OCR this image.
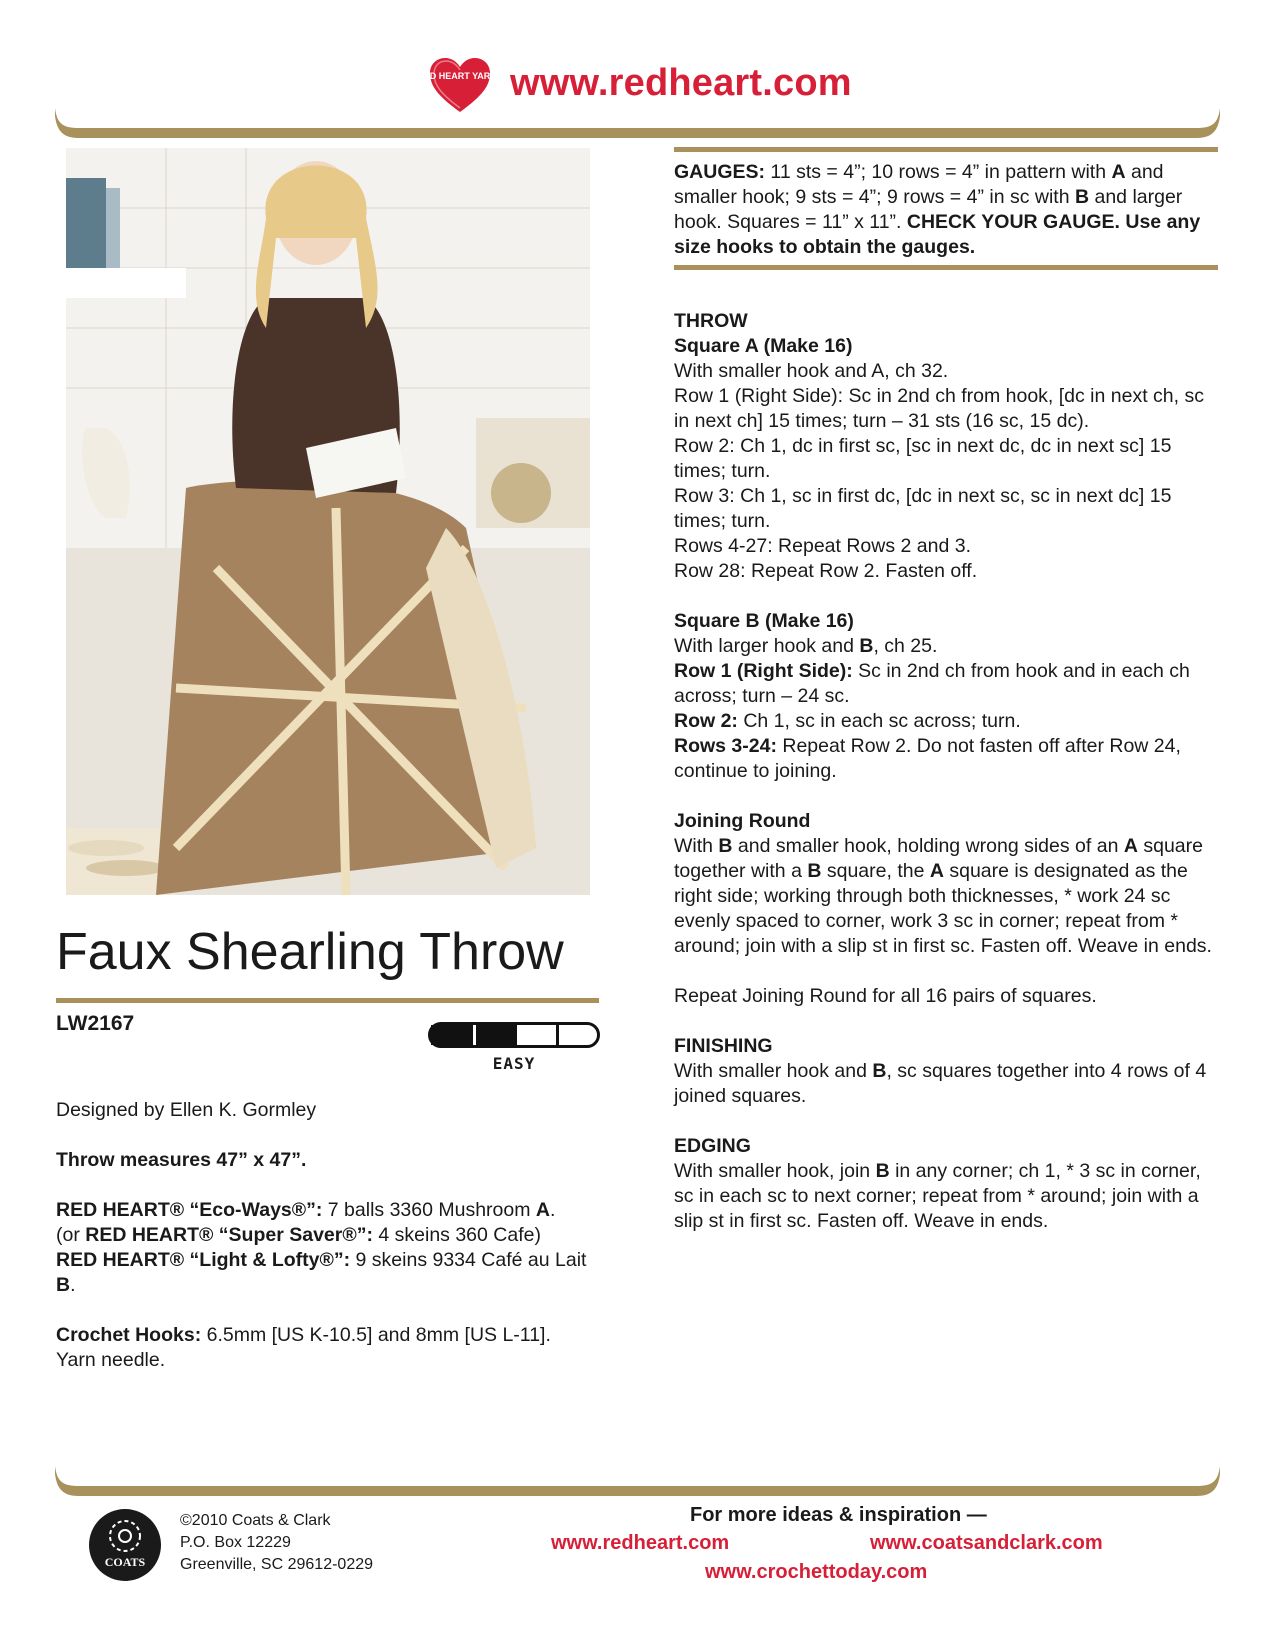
RED HEART YARNS www.redheart.com
Faux Shearling Throw
LW2167
EASY

Designed by Ellen K. Gormley

Throw measures 47” x 47”.

RED HEART® “Eco-Ways®”: 7 balls 3360 Mushroom A.
(or RED HEART® “Super Saver®”: 4 skeins 360 Cafe)
RED HEART® “Light & Lofty®”: 9 skeins 9334 Café au Lait B.

Crochet Hooks: 6.5mm [US K-10.5] and 8mm [US L-11].
Yarn needle.

GAUGES: 11 sts = 4”; 10 rows = 4” in pattern with A and smaller hook; 9 sts = 4”; 9 rows = 4” in sc with B and larger hook. Squares = 11” x 11”. CHECK YOUR GAUGE. Use any size hooks to obtain the gauges.
THROW
Square A (Make 16)
With smaller hook and A, ch 32.
Row 1 (Right Side): Sc in 2nd ch from hook, [dc in next ch, sc in next ch] 15 times; turn – 31 sts (16 sc, 15 dc).
Row 2: Ch 1, dc in first sc, [sc in next dc, dc in next sc] 15 times; turn.
Row 3: Ch 1, sc in first dc, [dc in next sc, sc in next dc] 15 times; turn.
Rows 4-27: Repeat Rows 2 and 3.
Row 28: Repeat Row 2. Fasten off.
Square B (Make 16)
With larger hook and B, ch 25.
Row 1 (Right Side): Sc in 2nd ch from hook and in each ch across; turn – 24 sc.
Row 2: Ch 1, sc in each sc across; turn.
Rows 3-24: Repeat Row 2. Do not fasten off after Row 24, continue to joining.
Joining Round
With B and smaller hook, holding wrong sides of an A square together with a B square, the A square is designated as the right side; working through both thicknesses, * work 24 sc evenly spaced to corner, work 3 sc in corner; repeat from * around; join with a slip st in first sc. Fasten off. Weave in ends.
Repeat Joining Round for all 16 pairs of squares.
FINISHING
With smaller hook and B, sc squares together into 4 rows of 4 joined squares.
EDGING
With smaller hook, join B in any corner; ch 1, * 3 sc in corner, sc in each sc to next corner; repeat from * around; join with a slip st in first sc. Fasten off. Weave in ends.
COATS
©2010 Coats & Clark
P.O. Box 12229
Greenville, SC 29612-0229
For more ideas & inspiration —
www.redheart.com	www.coatsandclark.com
www.crochettoday.com
